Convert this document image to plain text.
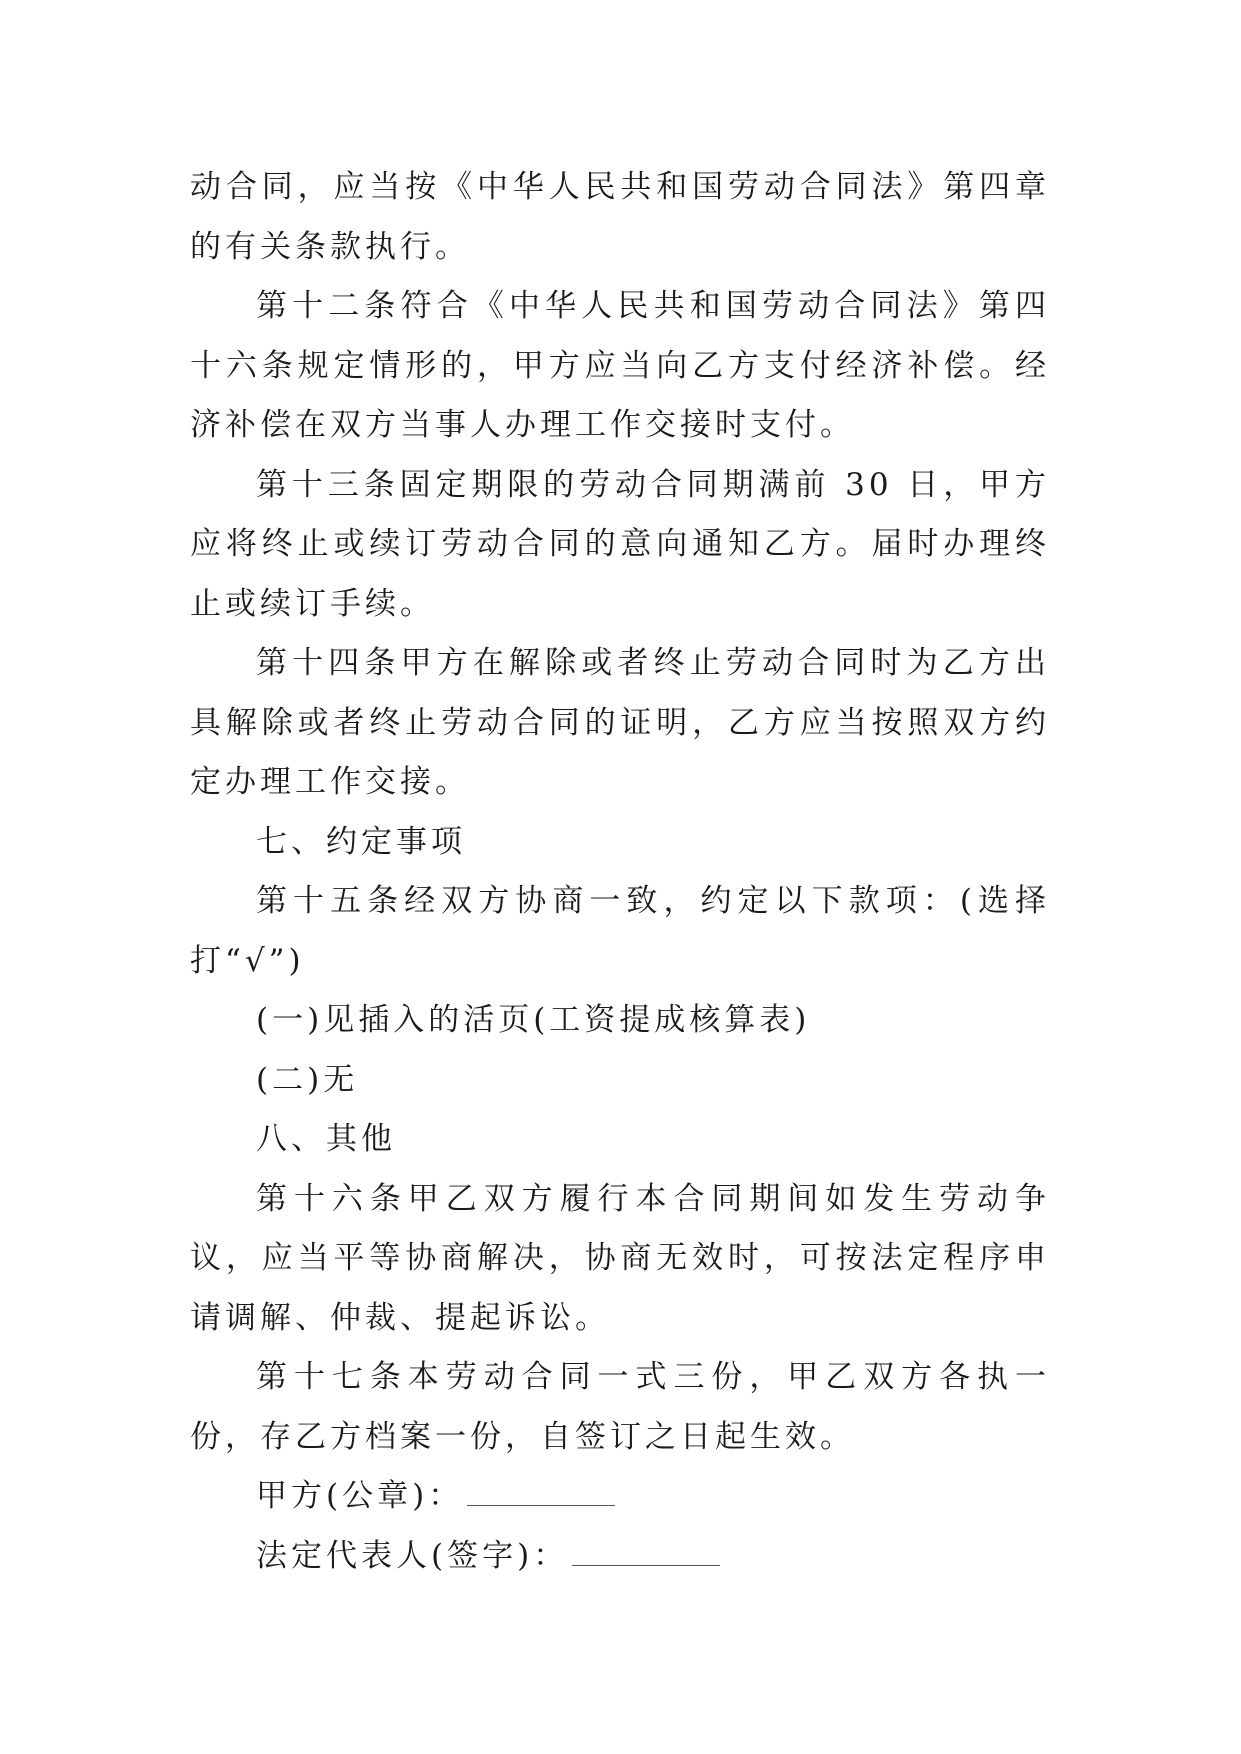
动合同，应当按《中华人民共和国劳动合同法》第四章的有关条款执行。

第十二条符合《中华人民共和国劳动合同法》第四十六条规定情形的，甲方应当向乙方支付经济补偿。经济补偿在双方当事人办理工作交接时支付。

第十三条固定期限的劳动合同期满前 30 日，甲方应将终止或续订劳动合同的意向通知乙方。届时办理终止或续订手续。

第十四条甲方在解除或者终止劳动合同时为乙方出具解除或者终止劳动合同的证明，乙方应当按照双方约定办理工作交接。

七、约定事项

第十五条经双方协商一致，约定以下款项：(选择打“√”)

(一)见插入的活页(工资提成核算表)

(二)无

八、其他

第十六条甲乙双方履行本合同期间如发生劳动争议，应当平等协商解决，协商无效时，可按法定程序申请调解、仲裁、提起诉讼。

第十七条本劳动合同一式三份，甲乙双方各执一份，存乙方档案一份，自签订之日起生效。

甲方(公章)：

法定代表人(签字)：
